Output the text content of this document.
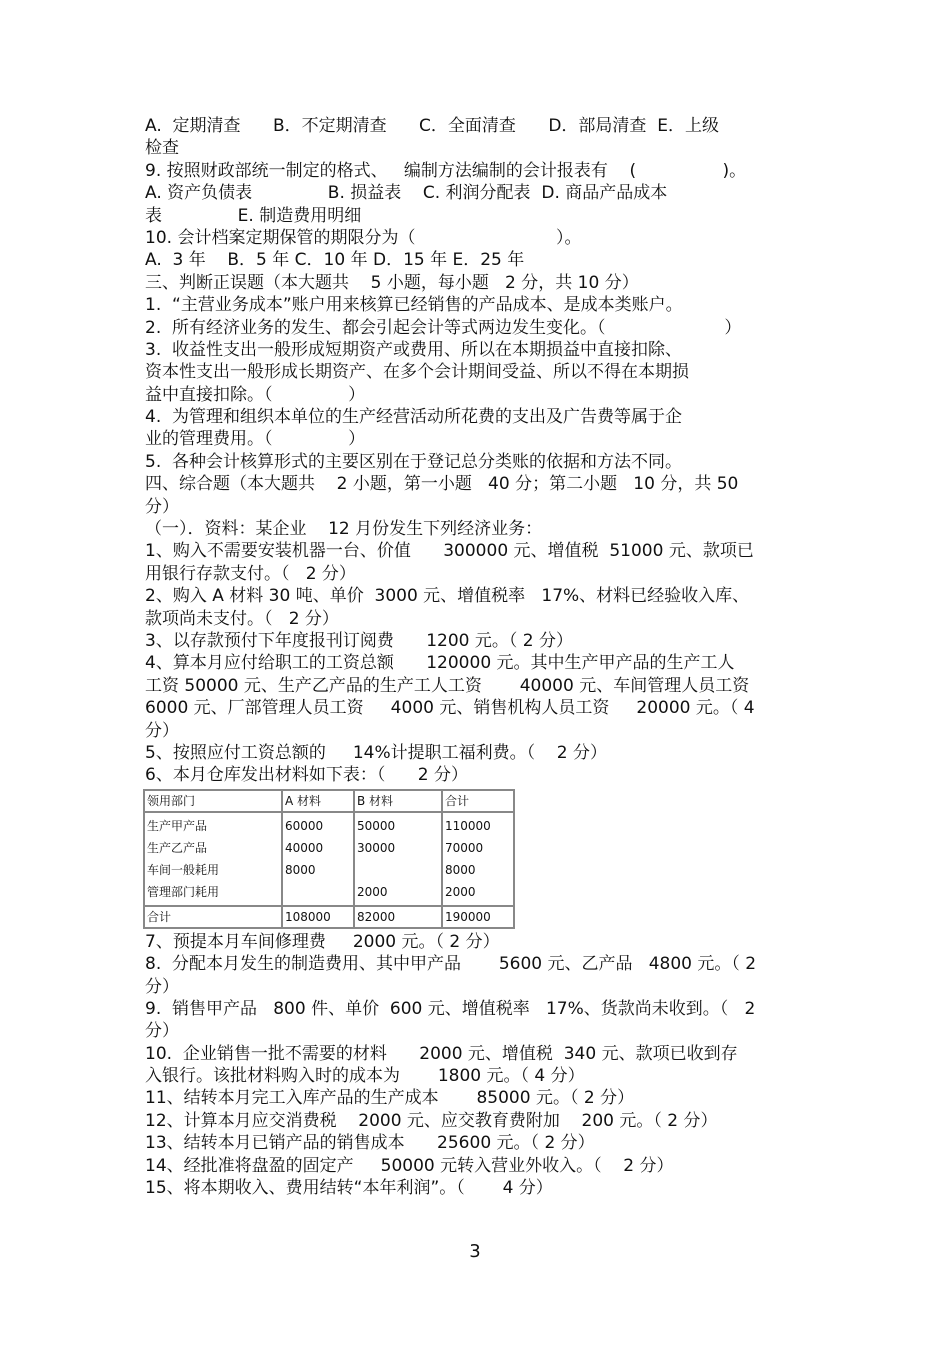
A.  定期清查      B．不定期清查      C．全面清查      D．部局清查  E．上级
检查
9. 按照财政部统一制定的格式、   编制方法编制的会计报表有    (                )。
A. 资产负债表              B. 损益表    C. 利润分配表  D. 商品产品成本
表              E. 制造费用明细
10. 会计档案定期保管的期限分为（                          ）。
A.  3 年    B．5 年 C．10 年 D．15 年 E．25 年
三、判断正误题（本大题共    5 小题，每小题   2 分，共 10 分）
1.  “主营业务成本”账户用来核算已经销售的产品成本、是成本类账户。
2.  所有经济业务的发生、都会引起会计等式两边发生变化。（                      ）
3.  收益性支出一般形成短期资产或费用、所以在本期损益中直接扣除、
资本性支出一般形成长期资产、在多个会计期间受益、所以不得在本期损
益中直接扣除。（              ）
4.  为管理和组织本单位的生产经营活动所花费的支出及广告费等属于企
业的管理费用。（              ）
5.  各种会计核算形式的主要区别在于登记总分类账的依据和方法不同。
四、综合题（本大题共    2 小题，第一小题   40 分；第二小题   10 分，共 50
分）
（一）．资料：某企业    12 月份发生下列经济业务：
1、购入不需要安装机器一台、价值      300000 元、增值税  51000 元、款项已
用银行存款支付。（   2 分）
2、购入 A 材料 30 吨、单价  3000 元、增值税率   17%、材料已经验收入库、
款项尚未支付。（   2 分）
3、以存款预付下年度报刊订阅费      1200 元。（ 2 分）
4、算本月应付给职工的工资总额      120000 元。其中生产甲产品的生产工人
工资 50000 元、生产乙产品的生产工人工资       40000 元、车间管理人员工资
6000 元、厂部管理人员工资     4000 元、销售机构人员工资     20000 元。（ 4
分）
5、按照应付工资总额的     14%计提职工福利费。（    2 分）
6、本月仓库发出材料如下表：（      2 分）
领用部门	A 材料	B 材料	合计
生产甲产品	60000	50000	110000
生产乙产品	40000	30000	70000
车间一般耗用	8000		8000
管理部门耗用		2000	2000
合计	108000	82000	190000
7、预提本月车间修理费     2000 元。（ 2 分）
8.  分配本月发生的制造费用、其中甲产品       5600 元、乙产品   4800 元。（ 2
分）
9.  销售甲产品   800 件、单价  600 元、增值税率   17%、货款尚未收到。（   2
分）
10.  企业销售一批不需要的材料      2000 元、增值税  340 元、款项已收到存
入银行。该批材料购入时的成本为       1800 元。（ 4 分）
11、结转本月完工入库产品的生产成本       85000 元。（ 2 分）
12、计算本月应交消费税    2000 元、应交教育费附加    200 元。（ 2 分）
13、结转本月已销产品的销售成本      25600 元。（ 2 分）
14、经批准将盘盈的固定产     50000 元转入营业外收入。（    2 分）
15、将本期收入、费用结转“本年利润”。（       4 分）
3
